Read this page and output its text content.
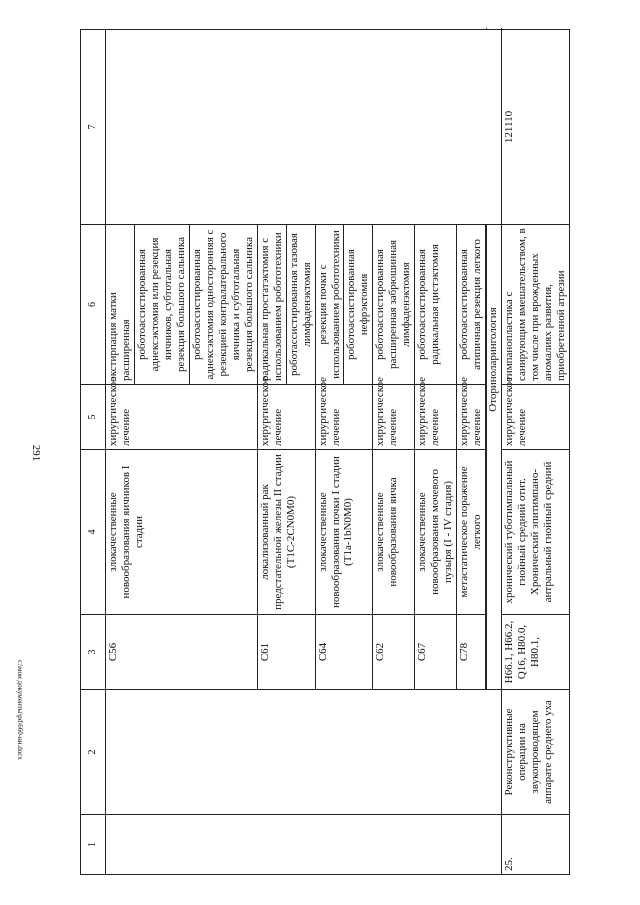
291
c:\мои документы\pd\660-нн.docx
1	2	3	4	5	6	7
		C56	злокачественные новообразования яичников I стадии	хирургическое лечение	экстирпация матки расширенная	
					роботоассистированная аднексэктомия или резекция яичников, субтотальная резекция большого сальника	
					роботоассистированная аднексэктомия односторонняя с резекцией контралатерального яичника и субтотальная резекция большого сальника	
		C61	локализованный рак предстательной железы II стадии (T1C-2CN0M0)	хирургическое лечение	радикальная простатэктомия с использованием робототехники	
					роботассистированная тазовая лимфаденэктомия	
		C64	злокачественные новообразования почки I стадии (T1a-1bN0M0)	хирургическое лечение	резекция почки с использованием робототехники	
					роботоассистированная нефрэктомия	
		C62	злокачественные новообразования яичка	хирургическое лечение	роботоассистированная расширенная забрюшинная лимфаденэктомия	
		C67	злокачественные новообразования мочевого пузыря (I - IV стадия)	хирургическое лечение	роботоассистированная радикальная цистэктомия	
		C78	метастатическое поражение легкого	хирургическое лечение	роботоассистированная атипичная резекция легкого	

		Оториноларингология				
25.	Реконструктивные операции на звукопроводящем аппарате среднего уха	H66.1, H66.2, Q16, H80.0, H80.1,	хронический туботимпальный гнойный средний отит. Хронический эпитимпано-антральный гнойный средний	хирургическое лечение	тимпанопластика с санирующим вмешательством, в том числе при врожденных аномалиях развития, приобретенной атрезии	121110
